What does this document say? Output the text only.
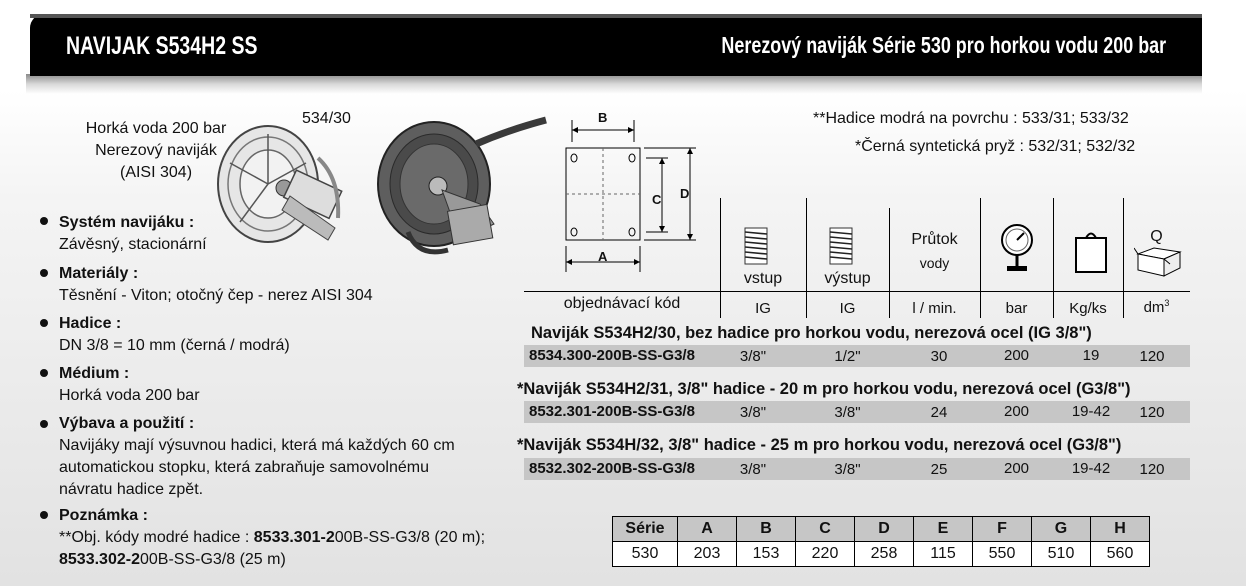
NAVIJAK S534H2 SS	Nerezový naviják Série 530 pro horkou vodu 200 bar
Horká voda 200 bar
Nerezový naviják
(AISI 304)
534/30	**Hadice modrá na povrchu : 533/31; 533/32
*Černá syntetická pryž : 532/31; 532/32
Systém navijáku :
Závěsný, stacionární
Materiály :
Těsnění - Viton; otočný čep - nerez AISI 304
Hadice :
DN 3/8 = 10 mm (černá / modrá)
Médium :
Horká voda 200 bar
Výbava a použití :
Navijáky mají výsuvnou hadici, která má každých 60 cm
automatickou stopku, která zabraňuje samovolnému
návratu hadice zpět.
Poznámka :
**Obj. kódy modré hadice : 8533.301-200B-SS-G3/8 (20 m);
8533.302-200B-SS-G3/8 (25 m)
B
C D
A
vstup	výstup
Průtok
vody
Q
objednávací kód	IG	IG	l / min.	bar	Kg/ks	$dm^3$
Naviják S534H2/30, bez hadice pro horkou vodu, nerezová ocel (IG 3/8")
8534.300-200B-SS-G3/8	3/8"	1/2"	30	200	19	120
*Naviják S534H2/31, 3/8" hadice - 20 m pro horkou vodu, nerezová ocel (G3/8")
8532.301-200B-SS-G3/8	3/8"	3/8"	24	200	19-42	120
*Naviják S534H/32, 3/8" hadice - 25 m pro horkou vodu, nerezová ocel (G3/8")
8532.302-200B-SS-G3/8	3/8"	3/8"	25	200	19-42	120
Série	A	B	C	D	E	F	G	H
530	203	153	220	258	115	550	510	560
